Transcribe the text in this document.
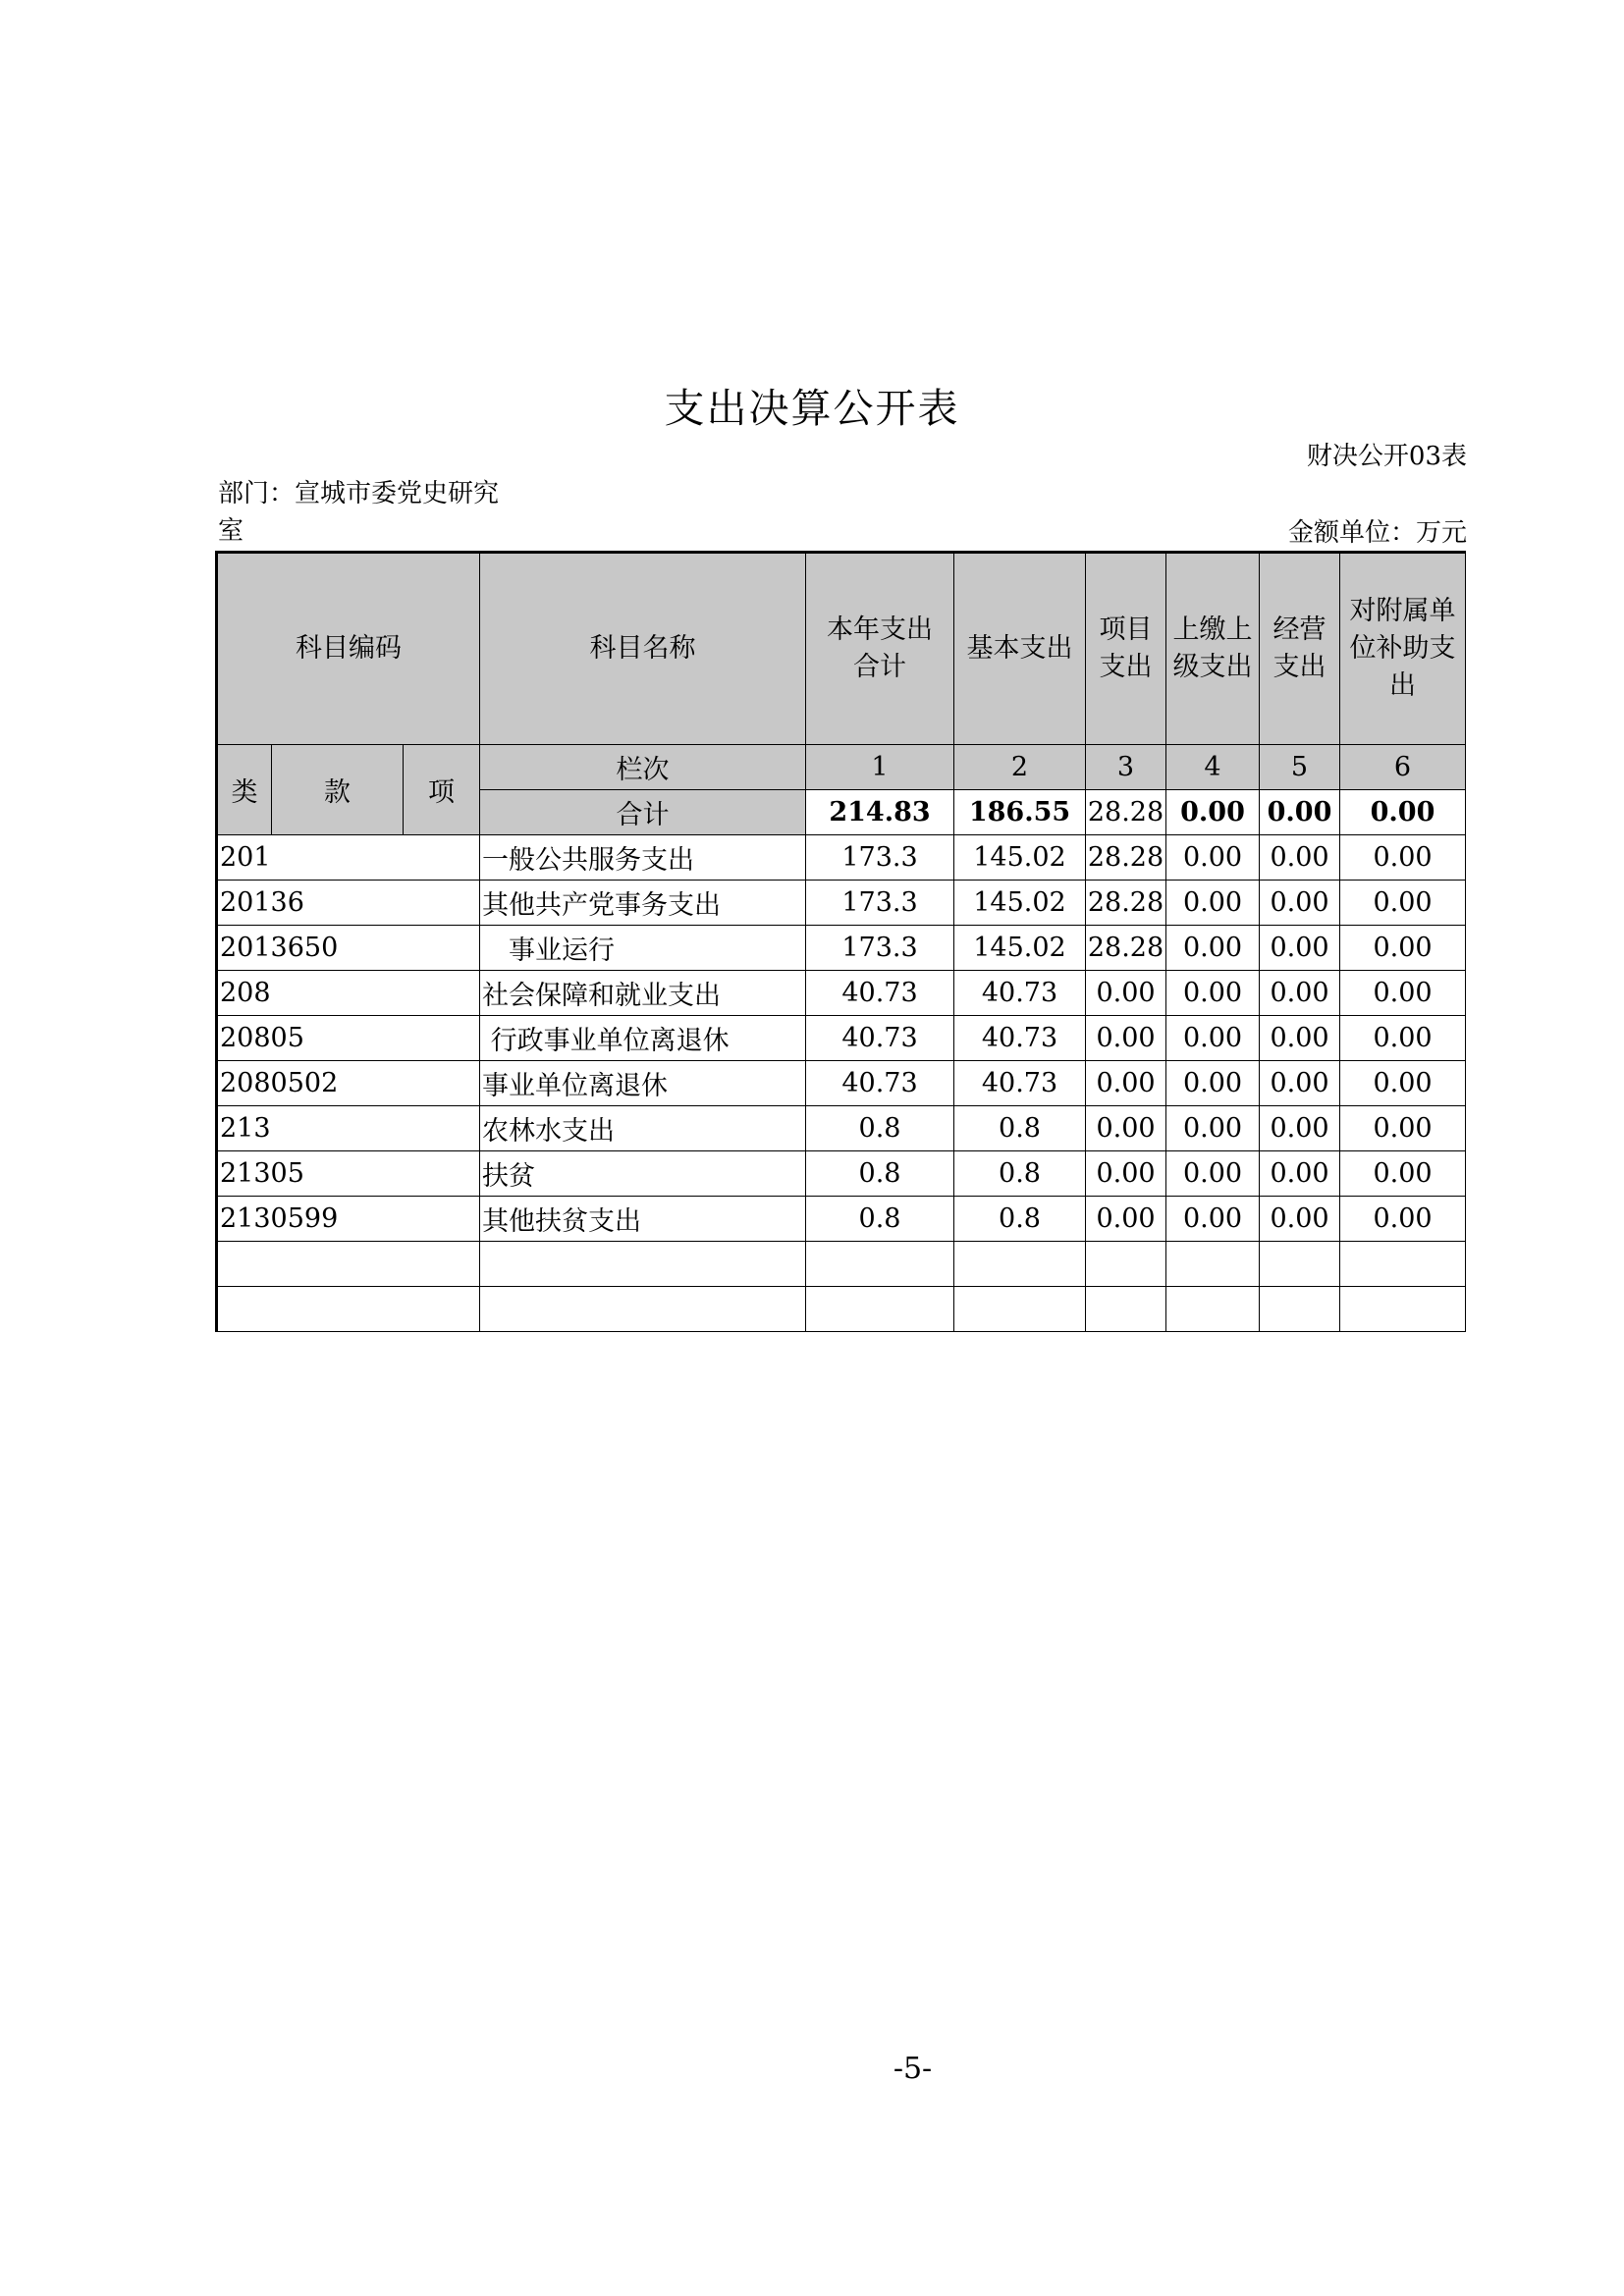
支出决算公开表
财决公开03表
部门：宣城市委党史研究室	金额单位：万元
科目编码			科目名称	本年支出合计	基本支出	项目支出	上缴上级支出	经营支出	对附属单位补助支出
类	款	项	栏次	1	2	3	4	5	6
			合计	214.83	186.55	28.28	0.00	0.00	0.00
201			一般公共服务支出	173.3	145.02	28.28	0.00	0.00	0.00
20136			其他共产党事务支出	173.3	145.02	28.28	0.00	0.00	0.00
2013650			　事业运行	173.3	145.02	28.28	0.00	0.00	0.00
208			社会保障和就业支出	40.73	40.73	0.00	0.00	0.00	0.00
20805			行政事业单位离退休	40.73	40.73	0.00	0.00	0.00	0.00
2080502			事业单位离退休	40.73	40.73	0.00	0.00	0.00	0.00
213			农林水支出	0.8	0.8	0.00	0.00	0.00	0.00
21305			扶贫	0.8	0.8	0.00	0.00	0.00	0.00
2130599			其他扶贫支出	0.8	0.8	0.00	0.00	0.00	0.00

-5-
